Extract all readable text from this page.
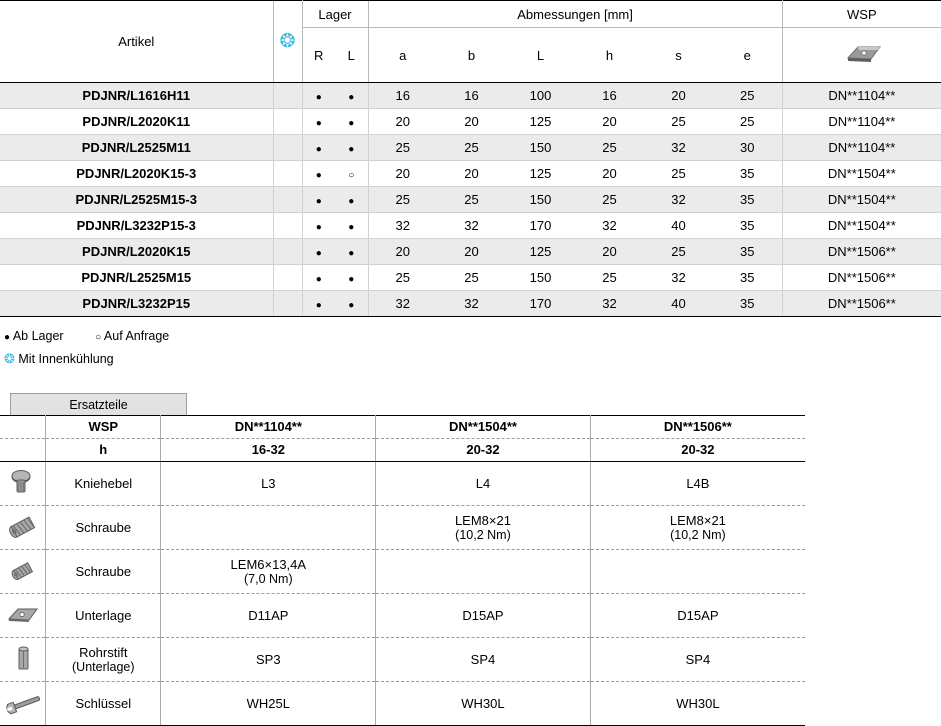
Artikel	❂	Lager		Abmessungen [mm]						WSP
		R	L	a	b	L	h	s	e	
PDJNR/L1616H11		●	●	16	16	100	16	20	25	DN**1104**
PDJNR/L2020K11		●	●	20	20	125	20	25	25	DN**1104**
PDJNR/L2525M11		●	●	25	25	150	25	32	30	DN**1104**
PDJNR/L2020K15-3		●	○	20	20	125	20	25	35	DN**1504**
PDJNR/L2525M15-3		●	●	25	25	150	25	32	35	DN**1504**
PDJNR/L3232P15-3		●	●	32	32	170	32	40	35	DN**1504**
PDJNR/L2020K15		●	●	20	20	125	20	25	35	DN**1506**
PDJNR/L2525M15		●	●	25	25	150	25	32	35	DN**1506**
PDJNR/L3232P15		●	●	32	32	170	32	40	35	DN**1506**
● Ab Lager	○ Auf Anfrage
❂ Mit Innenkühlung
Ersatzteile
	WSP	DN**1104**	DN**1504**	DN**1506**
	h	16-32	20-32	20-32

	Kniehebel	L3	L4	L4B

	Schraube		LEM8×21
(10,2 Nm)	LEM8×21
(10,2 Nm)

	Schraube	LEM6×13,4A
(7,0 Nm)		

	Unterlage	D11AP	D15AP	D15AP

	Rohrstift
(Unterlage)	SP3	SP4	SP4

	Schlüssel	WH25L	WH30L	WH30L
